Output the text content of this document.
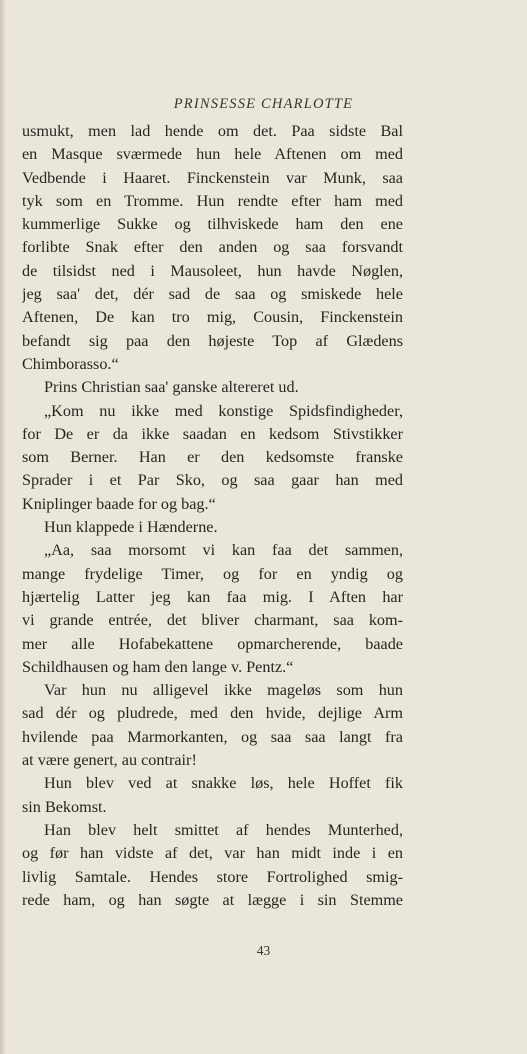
PRINSESSE CHARLOTTE
usmukt, men lad hende om det. Paa sidste Bal
en Masque sværmede hun hele Aftenen om med
Vedbende i Haaret. Finckenstein var Munk, saa
tyk som en Tromme. Hun rendte efter ham med
kummerlige Sukke og tilhviskede ham den ene
forlibte Snak efter den anden og saa forsvandt
de tilsidst ned i Mausoleet, hun havde Nøglen,
jeg saa' det, dér sad de saa og smiskede hele
Aftenen, De kan tro mig, Cousin, Finckenstein
befandt sig paa den højeste Top af Glædens
Chimborasso.“
Prins Christian saa' ganske altereret ud.
„Kom nu ikke med konstige Spidsfindigheder,
for De er da ikke saadan en kedsom Stivstikker
som Berner. Han er den kedsomste franske
Sprader i et Par Sko, og saa gaar han med
Kniplinger baade for og bag.“
Hun klappede i Hænderne.
„Aa, saa morsomt vi kan faa det sammen,
mange frydelige Timer, og for en yndig og
hjærtelig Latter jeg kan faa mig. I Aften har
vi grande entrée, det bliver charmant, saa kom-
mer alle Hofabekattene opmarcherende, baade
Schildhausen og ham den lange v. Pentz.“
Var hun nu alligevel ikke mageløs som hun
sad dér og pludrede, med den hvide, dejlige Arm
hvilende paa Marmorkanten, og saa saa langt fra
at være genert, au contrair!
Hun blev ved at snakke løs, hele Hoffet fik
sin Bekomst.
Han blev helt smittet af hendes Munterhed,
og før han vidste af det, var han midt inde i en
livlig Samtale. Hendes store Fortrolighed smig-
rede ham, og han søgte at lægge i sin Stemme
43
